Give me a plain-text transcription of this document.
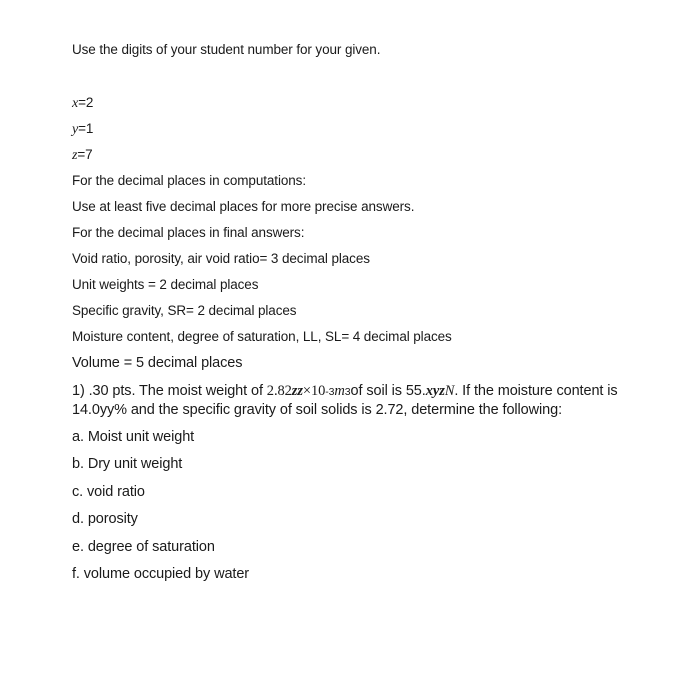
Use the digits of your student number for your given.
x=2
y=1
z=7
For the decimal places in computations:
Use at least five decimal places for more precise answers.
For the decimal places in final answers:
Void ratio, porosity, air void ratio= 3 decimal places
Unit weights = 2 decimal places
Specific gravity, SR= 2 decimal places
Moisture content, degree of saturation, LL, SL= 4 decimal places
Volume = 5 decimal places
1) .30 pts. The moist weight of 2.82zz×10-3m3of soil is 55.xyzN. If the moisture content is 14.0yy% and the specific gravity of soil solids is 2.72, determine the following:
a. Moist unit weight
b. Dry unit weight
c. void ratio
d. porosity
e. degree of saturation
f. volume occupied by water
